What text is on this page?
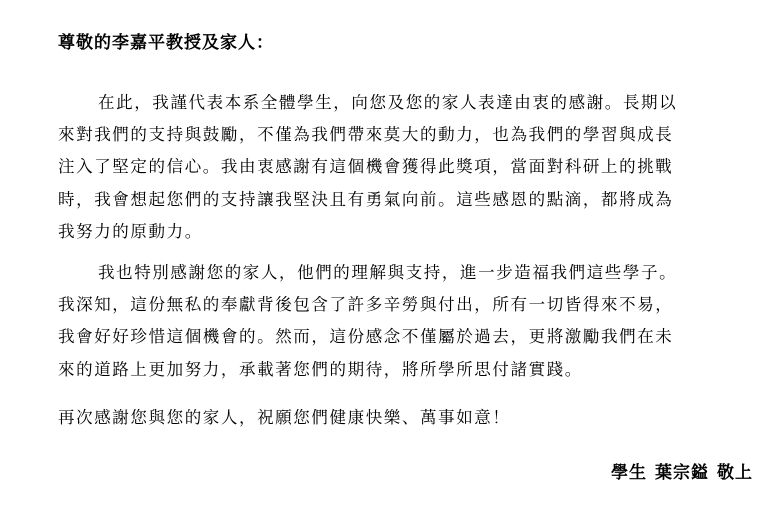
尊敬的李嘉平教授及家人：
在此，我謹代表本系全體學生，向您及您的家人表達由衷的感謝。長期以
來對我們的支持與鼓勵，不僅為我們帶來莫大的動力，也為我們的學習與成長
注入了堅定的信心。我由衷感謝有這個機會獲得此獎項，當面對科研上的挑戰
時，我會想起您們的支持讓我堅決且有勇氣向前。這些感恩的點滴，都將成為
我努力的原動力。
我也特別感謝您的家人，他們的理解與支持，進一步造福我們這些學子。
我深知，這份無私的奉獻背後包含了許多辛勞與付出，所有一切皆得來不易，
我會好好珍惜這個機會的。然而，這份感念不僅屬於過去，更將激勵我們在未
來的道路上更加努力，承載著您們的期待，將所學所思付諸實踐。
再次感謝您與您的家人，祝願您們健康快樂、萬事如意！
學生 葉宗鎰 敬上
